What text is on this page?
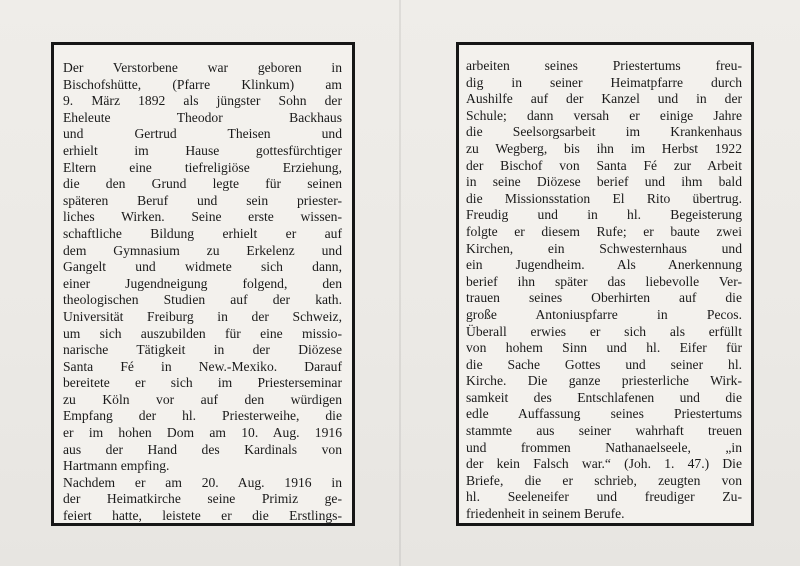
Der Verstorbene war geboren in
Bischofshütte, (Pfarre Klinkum) am
9. März 1892 als jüngster Sohn der
Eheleute Theodor Backhaus
und Gertrud Theisen und
erhielt im Hause gottesfürchtiger
Eltern eine tiefreligiöse Erziehung,
die den Grund legte für seinen
späteren Beruf und sein priester-
liches Wirken. Seine erste wissen-
schaftliche Bildung erhielt er auf
dem Gymnasium zu Erkelenz und
Gangelt und widmete sich dann,
einer Jugendneigung folgend, den
theologischen Studien auf der kath.
Universität Freiburg in der Schweiz,
um sich auszubilden für eine missio-
narische Tätigkeit in der Diözese
Santa Fé in New.-Mexiko. Darauf
bereitete er sich im Priesterseminar
zu Köln vor auf den würdigen
Empfang der hl. Priesterweihe, die
er im hohen Dom am 10. Aug. 1916
aus der Hand des Kardinals von
Hartmann empfing.
Nachdem er am 20. Aug. 1916 in
der Heimatkirche seine Primiz ge-
feiert hatte, leistete er die Erstlings-
arbeiten seines Priestertums freu-
dig in seiner Heimatpfarre durch
Aushilfe auf der Kanzel und in der
Schule; dann versah er einige Jahre
die Seelsorgsarbeit im Krankenhaus
zu Wegberg, bis ihn im Herbst 1922
der Bischof von Santa Fé zur Arbeit
in seine Diözese berief und ihm bald
die Missionsstation El Rito übertrug.
Freudig und in hl. Begeisterung
folgte er diesem Rufe; er baute zwei
Kirchen, ein Schwesternhaus und
ein Jugendheim. Als Anerkennung
berief ihn später das liebevolle Ver-
trauen seines Oberhirten auf die
große Antoniuspfarre in Pecos.
Überall erwies er sich als erfüllt
von hohem Sinn und hl. Eifer für
die Sache Gottes und seiner hl.
Kirche. Die ganze priesterliche Wirk-
samkeit des Entschlafenen und die
edle Auffassung seines Priestertums
stammte aus seiner wahrhaft treuen
und frommen Nathanaelseele, „in
der kein Falsch war.“ (Joh. 1. 47.) Die
Briefe, die er schrieb, zeugten von
hl. Seeleneifer und freudiger Zu-
friedenheit in seinem Berufe.
